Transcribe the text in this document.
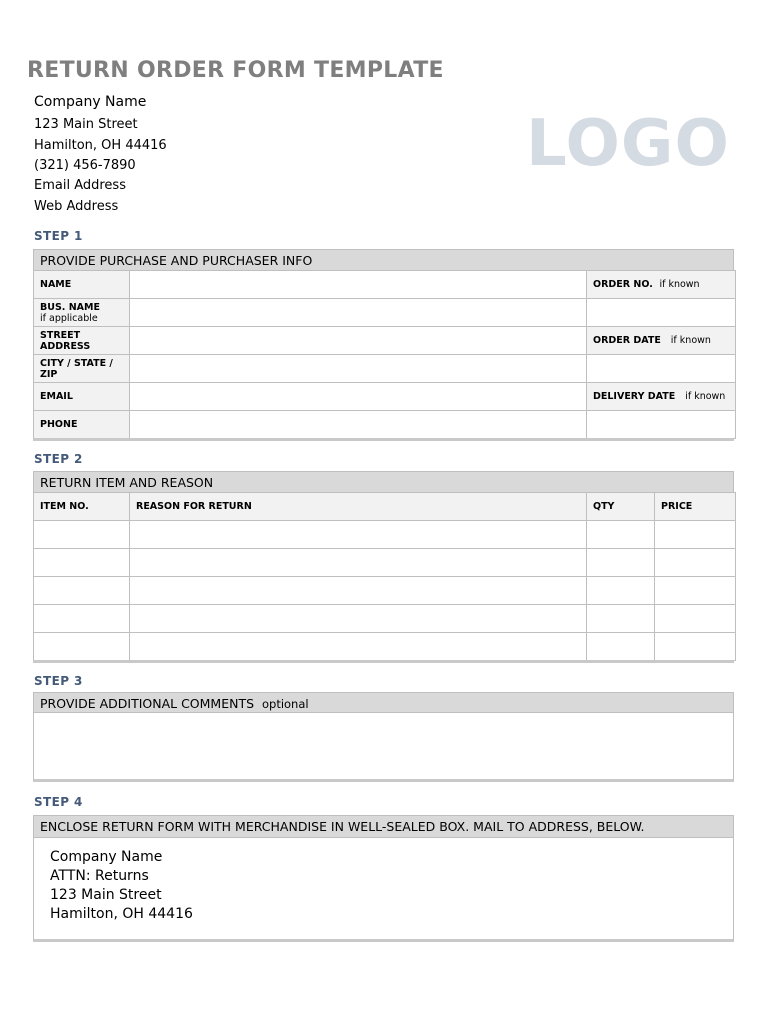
RETURN ORDER FORM TEMPLATE
Company Name
123 Main Street
Hamilton, OH 44416
(321) 456-7890
Email Address
Web Address
LOGO
STEP 1
PROVIDE PURCHASE AND PURCHASER INFO
NAME		ORDER NO. if known

BUS. NAME
if applicable		

STREET ADDRESS		ORDER DATE if known
CITY / STATE / ZIP		
EMAIL		DELIVERY DATE if known
PHONE		
STEP 2
RETURN ITEM AND REASON
ITEM NO.	REASON FOR RETURN	QTY	PRICE

STEP 3
PROVIDE ADDITIONAL COMMENTS optional
STEP 4
ENCLOSE RETURN FORM WITH MERCHANDISE IN WELL-SEALED BOX. MAIL TO ADDRESS, BELOW.
Company Name
ATTN: Returns
123 Main Street
Hamilton, OH 44416
